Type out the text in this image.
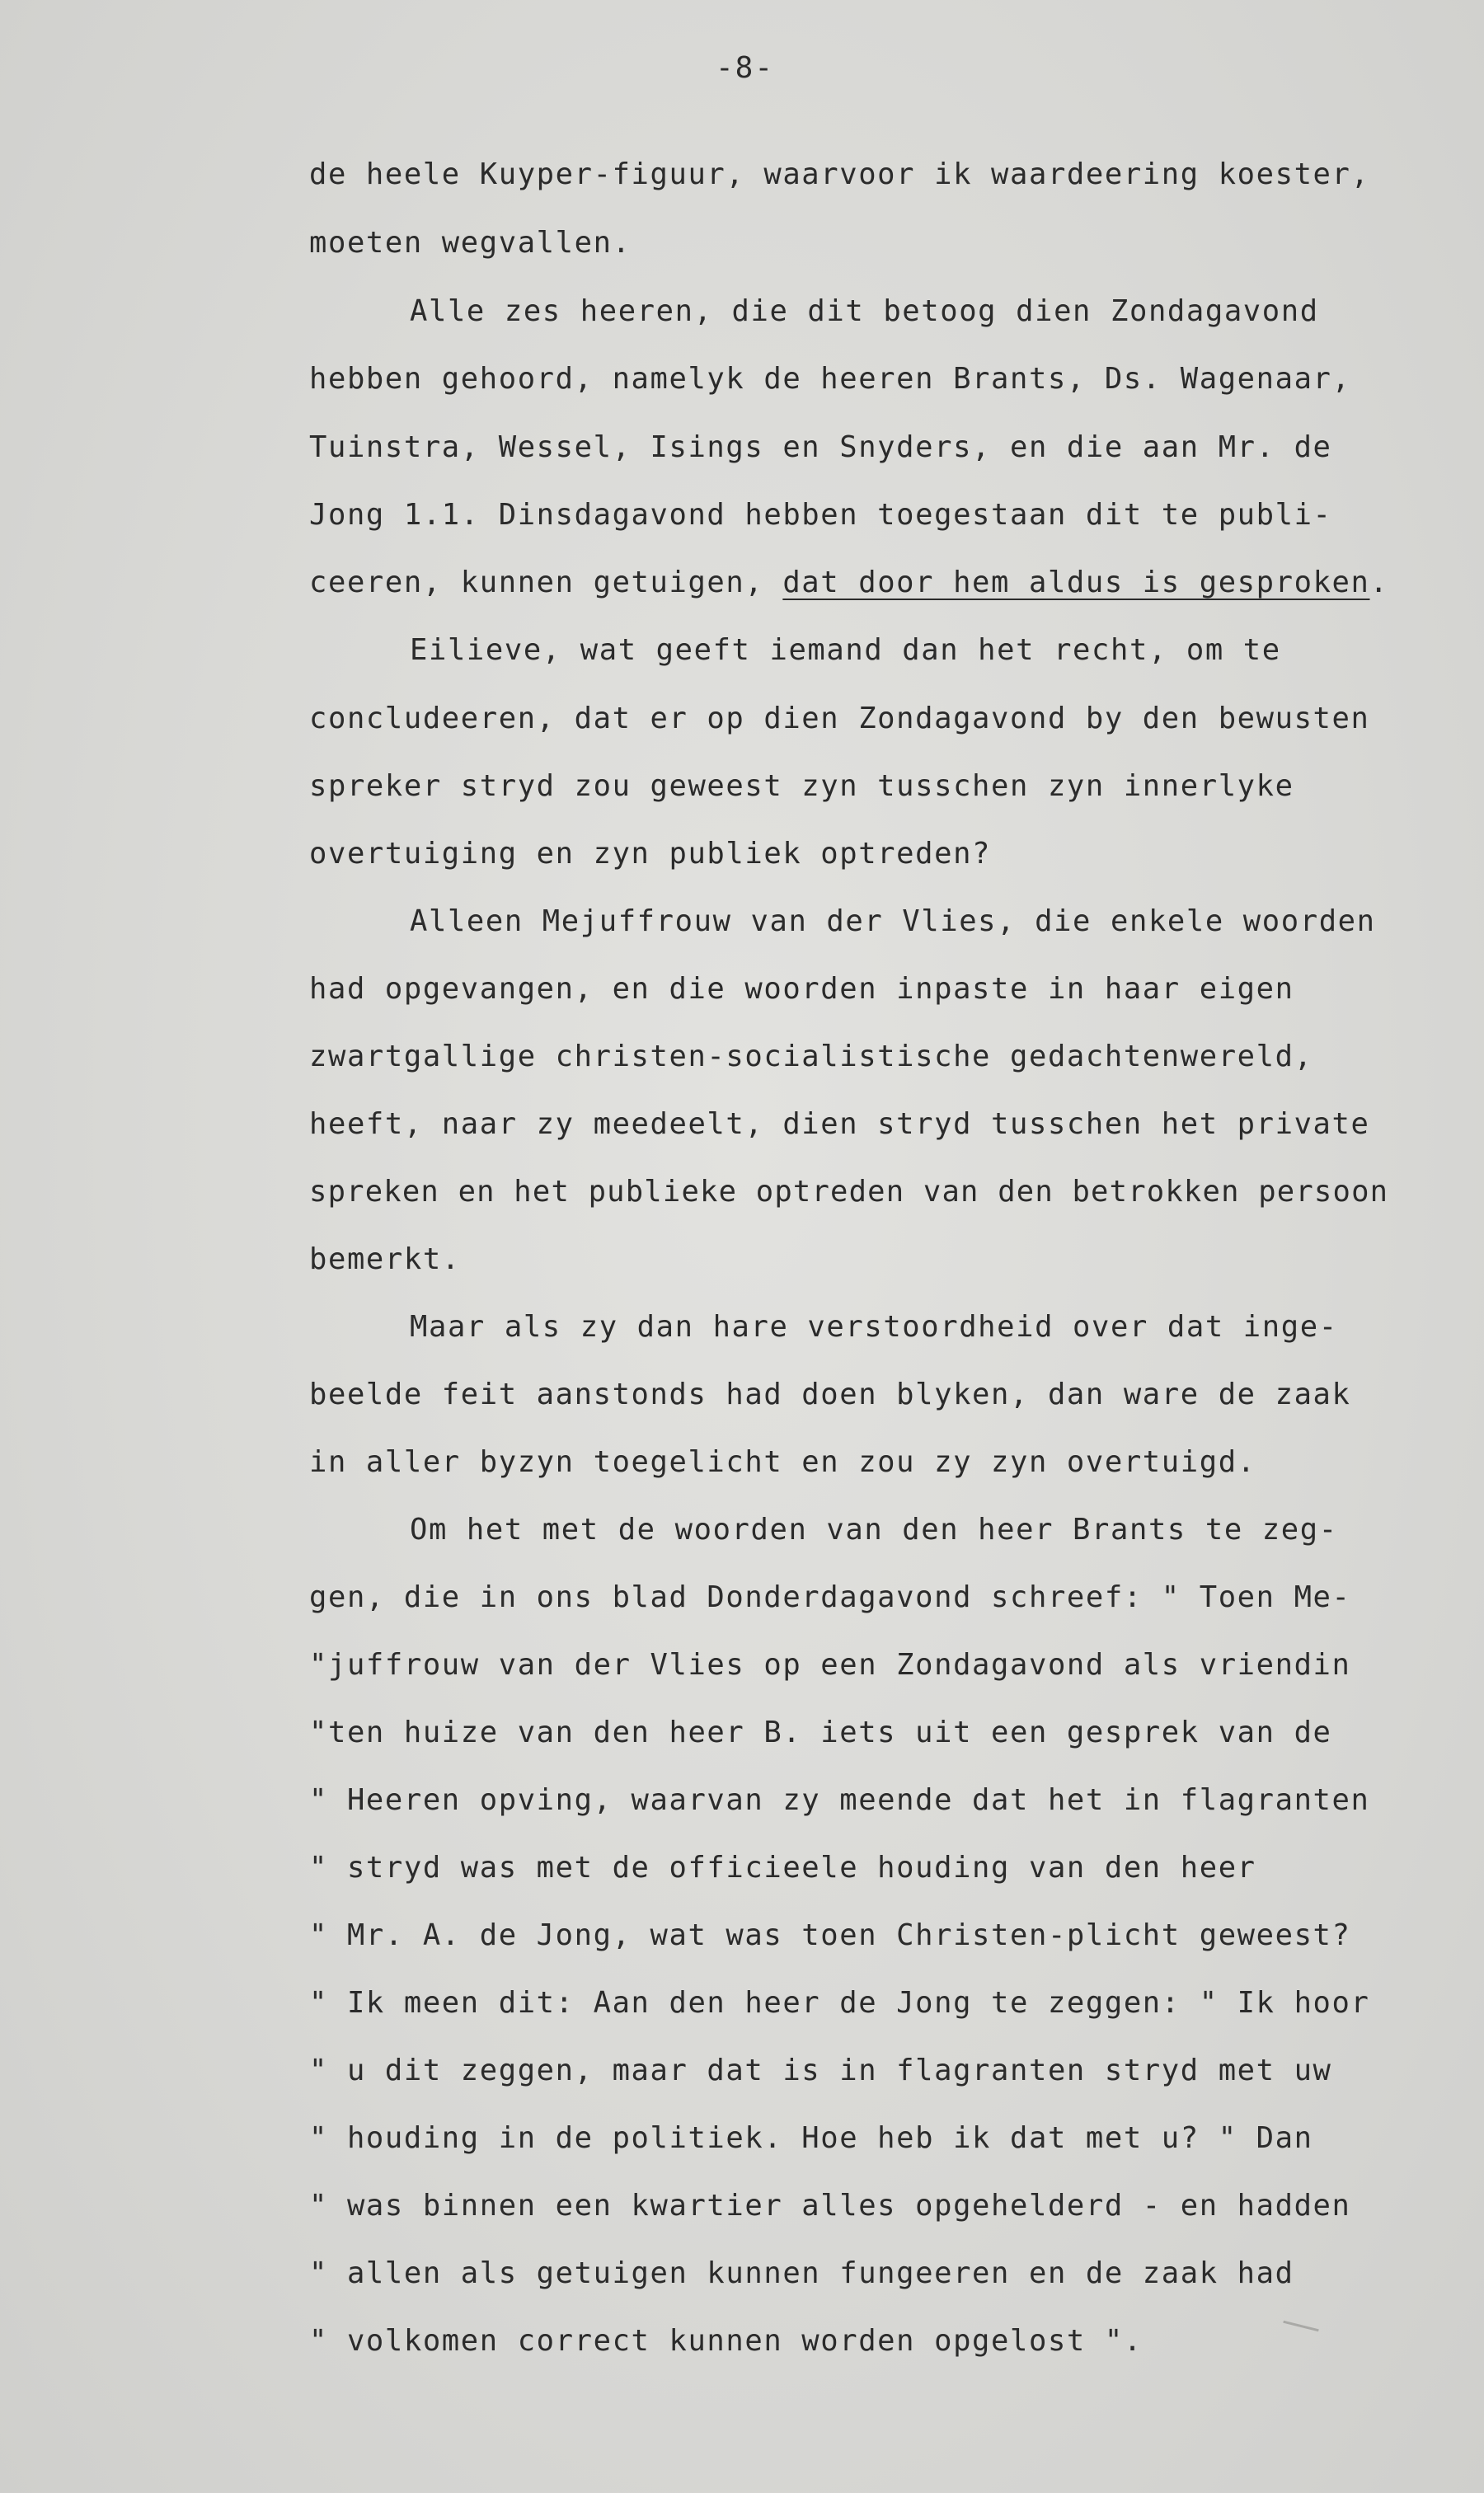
-8-
de heele Kuyper-figuur, waarvoor ik waardeering koester,
moeten wegvallen.
Alle zes heeren, die dit betoog dien Zondagavond
hebben gehoord, namelyk de heeren Brants, Ds. Wagenaar,
Tuinstra, Wessel, Isings en Snyders, en die aan Mr. de
Jong 1.1. Dinsdagavond hebben toegestaan dit te publi-
ceeren, kunnen getuigen, dat door hem aldus is gesproken.
Eilieve, wat geeft iemand dan het recht, om te
concludeeren, dat er op dien Zondagavond by den bewusten
spreker stryd zou geweest zyn tusschen zyn innerlyke
overtuiging en zyn publiek optreden?
Alleen Mejuffrouw van der Vlies, die enkele woorden
had opgevangen, en die woorden inpaste in haar eigen
zwartgallige christen-socialistische gedachtenwereld,
heeft, naar zy meedeelt, dien stryd tusschen het private
spreken en het publieke optreden van den betrokken persoon
bemerkt.
Maar als zy dan hare verstoordheid over dat inge-
beelde feit aanstonds had doen blyken, dan ware de zaak
in aller byzyn toegelicht en zou zy zyn overtuigd.
Om het met de woorden van den heer Brants te zeg-
gen, die in ons blad Donderdagavond schreef: " Toen Me-
"juffrouw van der Vlies op een Zondagavond als vriendin
"ten huize van den heer B. iets uit een gesprek van de
" Heeren opving, waarvan zy meende dat het in flagranten
" stryd was met de officieele houding van den heer
" Mr. A. de Jong, wat was toen Christen-plicht geweest?
" Ik meen dit: Aan den heer de Jong te zeggen: " Ik hoor
" u dit zeggen, maar dat is in flagranten stryd met uw
" houding in de politiek. Hoe heb ik dat met u? " Dan
" was binnen een kwartier alles opgehelderd - en hadden
" allen als getuigen kunnen fungeeren en de zaak had
" volkomen correct kunnen worden opgelost ".
